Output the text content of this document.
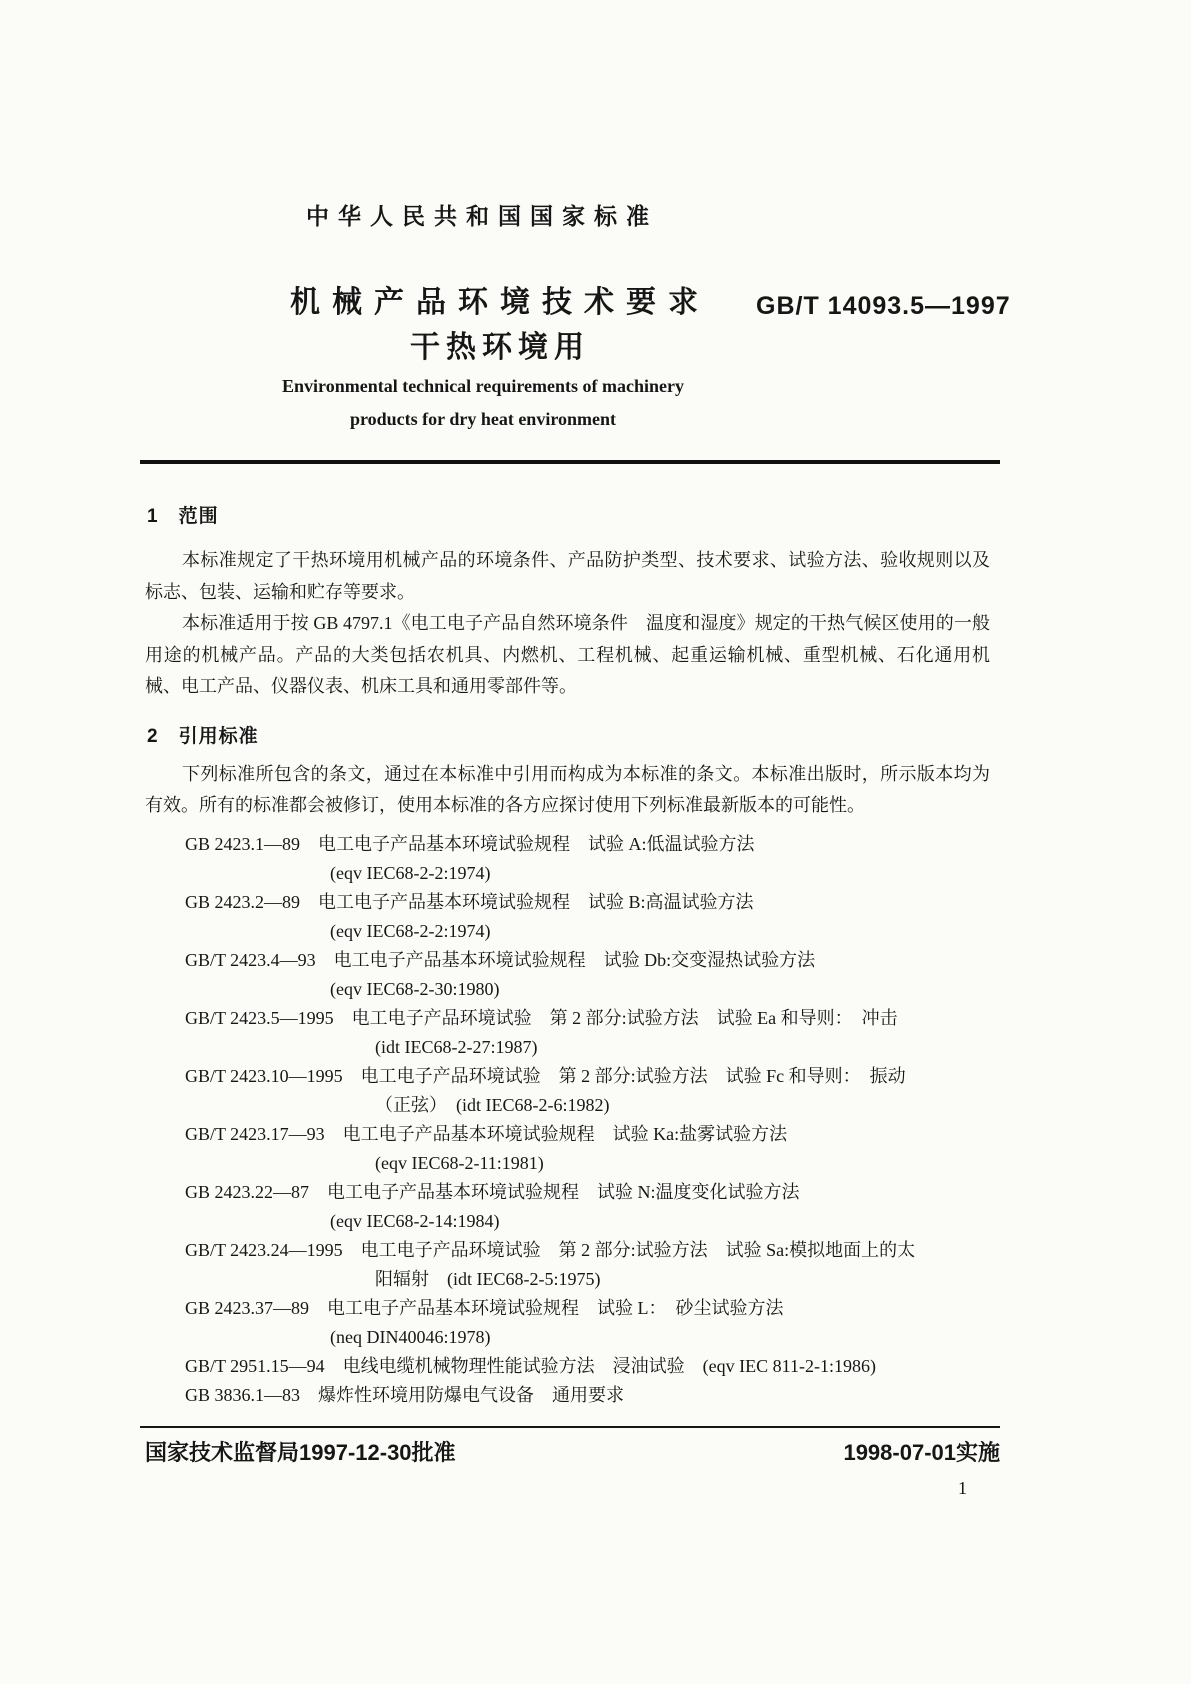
中华人民共和国国家标准
机械产品环境技术要求
干热环境用
GB/T 14093.5—1997
Environmental technical requirements of machinery
products for dry heat environment
1　范围

本标准规定了干热环境用机械产品的环境条件、产品防护类型、技术要求、试验方法、验收规则以及标志、包装、运输和贮存等要求。

本标准适用于按 GB 4797.1《电工电子产品自然环境条件　温度和湿度》规定的干热气候区使用的一般用途的机械产品。产品的大类包括农机具、内燃机、工程机械、起重运输机械、重型机械、石化通用机械、电工产品、仪器仪表、机床工具和通用零部件等。

2　引用标准

下列标准所包含的条文，通过在本标准中引用而构成为本标准的条文。本标准出版时，所示版本均为有效。所有的标准都会被修订，使用本标准的各方应探讨使用下列标准最新版本的可能性。

GB 2423.1—89　电工电子产品基本环境试验规程　试验 A:低温试验方法
(eqv IEC68-2-2:1974)
GB 2423.2—89　电工电子产品基本环境试验规程　试验 B:高温试验方法
(eqv IEC68-2-2:1974)
GB/T 2423.4—93　电工电子产品基本环境试验规程　试验 Db:交变湿热试验方法
(eqv IEC68-2-30:1980)
GB/T 2423.5—1995　电工电子产品环境试验　第 2 部分:试验方法　试验 Ea 和导则：　冲击
(idt IEC68-2-27:1987)
GB/T 2423.10—1995　电工电子产品环境试验　第 2 部分:试验方法　试验 Fc 和导则：　振动
（正弦）　(idt IEC68-2-6:1982)
GB/T 2423.17—93　电工电子产品基本环境试验规程　试验 Ka:盐雾试验方法
(eqv IEC68-2-11:1981)
GB 2423.22—87　电工电子产品基本环境试验规程　试验 N:温度变化试验方法
(eqv IEC68-2-14:1984)
GB/T 2423.24—1995　电工电子产品环境试验　第 2 部分:试验方法　试验 Sa:模拟地面上的太
阳辐射　(idt IEC68-2-5:1975)
GB 2423.37—89　电工电子产品基本环境试验规程　试验 L：　砂尘试验方法
(neq DIN40046:1978)
GB/T 2951.15—94　电线电缆机械物理性能试验方法　浸油试验　(eqv IEC 811-2-1:1986)
GB 3836.1—83　爆炸性环境用防爆电气设备　通用要求
国家技术监督局1997-12-30批准	1998-07-01实施
1
